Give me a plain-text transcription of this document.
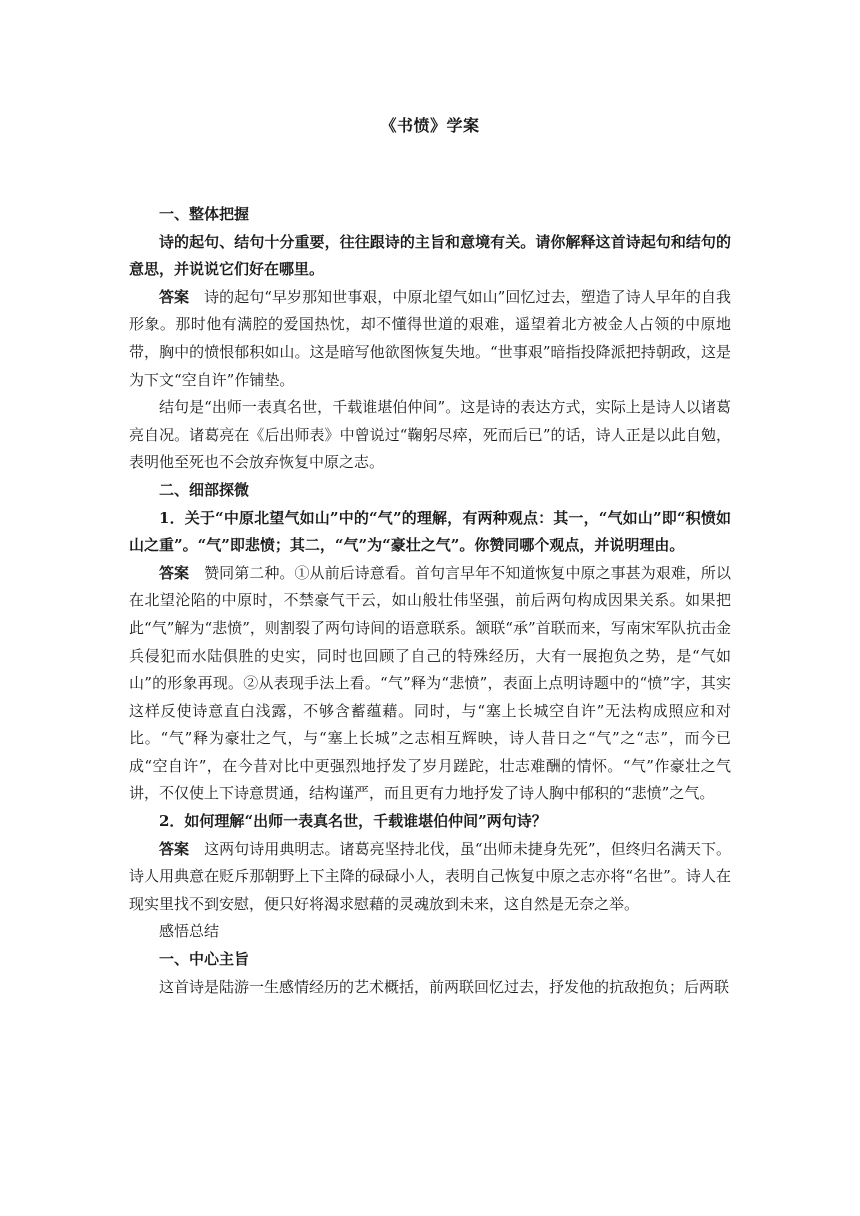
《书愤》学案

一、整体把握

诗的起句、结句十分重要，往往跟诗的主旨和意境有关。请你解释这首诗起句和结句的意思，并说说它们好在哪里。

答案 诗的起句“早岁那知世事艰，中原北望气如山”回忆过去，塑造了诗人早年的自我形象。那时他有满腔的爱国热忱，却不懂得世道的艰难，遥望着北方被金人占领的中原地带，胸中的愤恨郁积如山。这是暗写他欲图恢复失地。“世事艰”暗指投降派把持朝政，这是为下文“空自许”作铺垫。

结句是“出师一表真名世，千载谁堪伯仲间”。这是诗的表达方式，实际上是诗人以诸葛亮自况。诸葛亮在《后出师表》中曾说过“鞠躬尽瘁，死而后已”的话，诗人正是以此自勉，表明他至死也不会放弃恢复中原之志。

二、细部探微

1．关于“中原北望气如山”中的“气”的理解，有两种观点：其一，“气如山”即“积愤如山之重”。“气”即悲愤；其二，“气”为“豪壮之气”。你赞同哪个观点，并说明理由。

答案 赞同第二种。①从前后诗意看。首句言早年不知道恢复中原之事甚为艰难，所以在北望沦陷的中原时，不禁豪气干云，如山般壮伟坚强，前后两句构成因果关系。如果把此“气”解为“悲愤”，则割裂了两句诗间的语意联系。颔联“承”首联而来，写南宋军队抗击金兵侵犯而水陆俱胜的史实，同时也回顾了自己的特殊经历，大有一展抱负之势，是“气如山”的形象再现。②从表现手法上看。“气”释为“悲愤”，表面上点明诗题中的“愤”字，其实这样反使诗意直白浅露，不够含蓄蕴藉。同时，与“塞上长城空自许”无法构成照应和对比。“气”释为豪壮之气，与“塞上长城”之志相互辉映，诗人昔日之“气”之“志”，而今已成“空自许”，在今昔对比中更强烈地抒发了岁月蹉跎，壮志难酬的情怀。“气”作豪壮之气讲，不仅使上下诗意贯通，结构谨严，而且更有力地抒发了诗人胸中郁积的“悲愤”之气。

2．如何理解“出师一表真名世，千载谁堪伯仲间”两句诗？

答案 这两句诗用典明志。诸葛亮坚持北伐，虽“出师未捷身先死”，但终归名满天下。诗人用典意在贬斥那朝野上下主降的碌碌小人，表明自己恢复中原之志亦将“名世”。诗人在现实里找不到安慰，便只好将渴求慰藉的灵魂放到未来，这自然是无奈之举。

感悟总结

一、中心主旨

这首诗是陆游一生感情经历的艺术概括，前两联回忆过去，抒发他的抗敌抱负；后两联
